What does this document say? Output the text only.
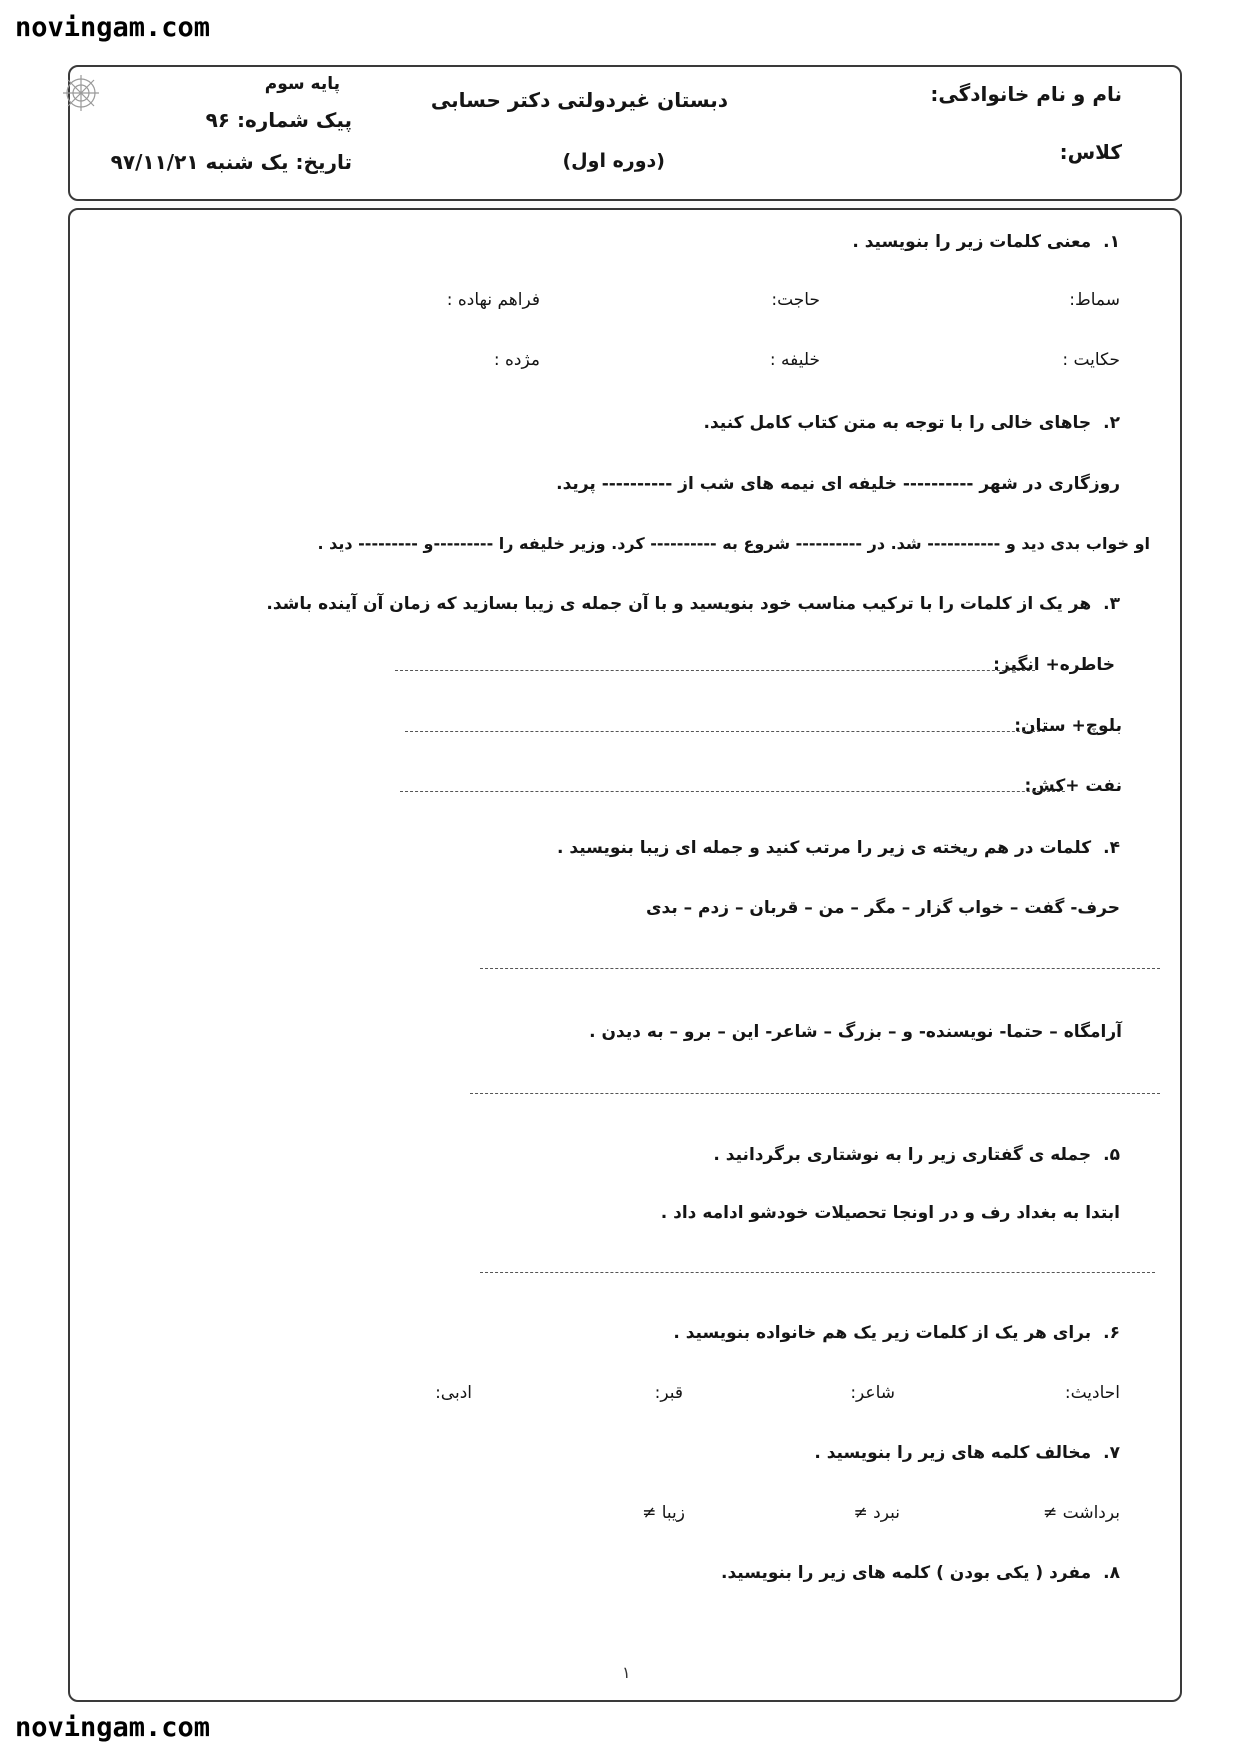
novingam.com
novingam.com
نام و نام خانوادگی:
کلاس:
دبستان غیردولتی دکتر حسابی
(دوره اول)
پایه سوم
پیک شماره: ۹۶
تاریخ: یک شنبه ۹۷/۱۱/۲۱
۱.معنی کلمات زیر را بنویسید .
سماط:
حاجت:
فراهم نهاده :
حکایت :
خلیفه :
مژده :
۲.جاهای خالی را با توجه به متن کتاب کامل کنید.
روزگاری در شهر ---------- خلیفه ای نیمه های شب از ---------- پرید.
او خواب بدی دید و ----------- شد. در ---------- شروع به ---------- کرد. وزیر خلیفه را ---------و --------- دید .
۳.هر یک از کلمات را با ترکیب مناسب خود بنویسید و با آن جمله ی زیبا بسازید که زمان آن آینده باشد.
خاطره+ انگیز:
بلوچ+ ستان:
نفت +کش:
۴.کلمات در هم ریخته ی زیر را مرتب کنید و جمله ای زیبا بنویسید .
حرف- گفت – خواب گزار – مگر – من – قربان – زدم – بدی
آرامگاه – حتما- نویسنده- و – بزرگ – شاعر- این – برو – به دیدن .
۵.جمله ی گفتاری زیر را به نوشتاری برگردانید .
ابتدا به بغداد رف و در اونجا تحصیلات خودشو ادامه داد .
۶.برای هر یک از کلمات زیر یک هم خانواده بنویسید .
احادیث:
شاعر:
قبر:
ادبی:
۷.مخالف کلمه های زیر را بنویسید .
برداشت ≠
نبرد ≠
زیبا ≠
۸.مفرد ( یکی بودن ) کلمه های زیر را بنویسید.
۱
